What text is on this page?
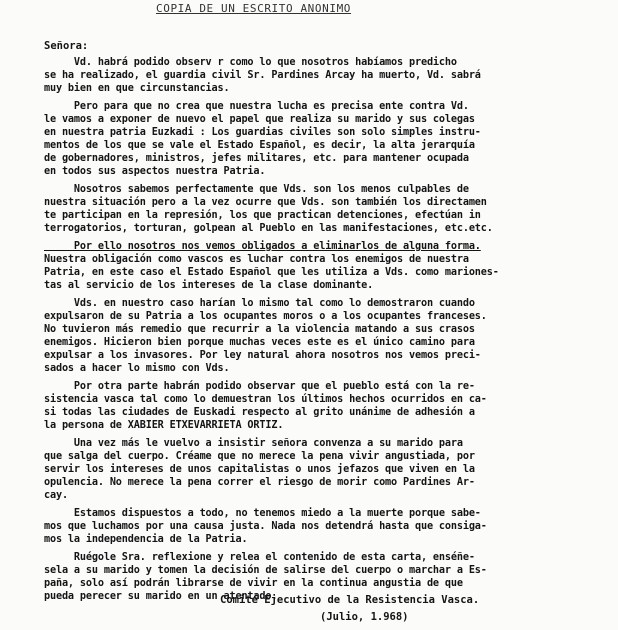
COPIA DE UN ESCRITO ANONIMO
Señora:
Vd. habrá podido observ r como lo que nosotros habíamos predicho
se ha realizado, el guardia civil Sr. Pardines Arcay ha muerto, Vd. sabrá
muy bien en que circunstancias.
Pero para que no crea que nuestra lucha es precisa ente contra Vd.
le vamos a exponer de nuevo el papel que realiza su marido y sus colegas
en nuestra patria Euzkadi : Los guardias civiles son solo simples instru-
mentos de los que se vale el Estado Español, es decir, la alta jerarquía
de gobernadores, ministros, jefes militares, etc. para mantener ocupada
en todos sus aspectos nuestra Patria.
Nosotros sabemos perfectamente que Vds. son los menos culpables de
nuestra situación pero a la vez ocurre que Vds. son también los directamen
te participan en la represión, los que practican detenciones, efectúan in
terrogatorios, torturan, golpean al Pueblo en las manifestaciones, etc.etc.
Por ello nosotros nos vemos obligados a eliminarlos de alguna forma.
Nuestra obligación como vascos es luchar contra los enemigos de nuestra
Patria, en este caso el Estado Español que les utiliza a Vds. como mariones-
tas al servicio de los intereses de la clase dominante.
Vds. en nuestro caso harían lo mismo tal como lo demostraron cuando
expulsaron de su Patria a los ocupantes moros o a los ocupantes franceses.
No tuvieron más remedio que recurrir a la violencia matando a sus crasos
enemigos. Hicieron bien porque muchas veces este es el único camino para
expulsar a los invasores. Por ley natural ahora nosotros nos vemos preci-
sados a hacer lo mismo con Vds.
Por otra parte habrán podido observar que el pueblo está con la re-
sistencia vasca tal como lo demuestran los últimos hechos ocurridos en ca-
si todas las ciudades de Euskadi respecto al grito unánime de adhesión a
la persona de XABIER ETXEVARRIETA ORTIZ.
Una vez más le vuelvo a insistir señora convenza a su marido para
que salga del cuerpo. Créame que no merece la pena vivir angustiada, por
servir los intereses de unos capitalistas o unos jefazos que viven en la
opulencia. No merece la pena correr el riesgo de morir como Pardines Ar-
cay.
Estamos dispuestos a todo, no tenemos miedo a la muerte porque sabe-
mos que luchamos por una causa justa. Nada nos detendrá hasta que consiga-
mos la independencia de la Patria.
Ruégole Sra. reflexione y relea el contenido de esta carta, enséñe-
sela a su marido y tomen la decisión de salirse del cuerpo o marchar a Es-
paña, solo así podrán librarse de vivir en la continua angustia de que
pueda perecer su marido en un atentado.
Comité Ejecutivo de la Resistencia Vasca.
(Julio, 1.968)
